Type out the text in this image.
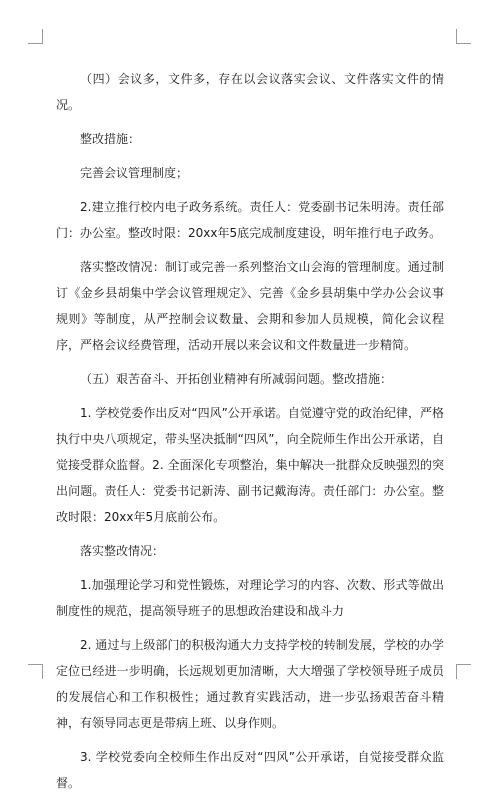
（四）会议多，文件多，存在以会议落实会议、文件落实文件的情况。

整改措施：

完善会议管理制度；

2.建立推行校内电子政务系统。责任人：党委副书记朱明涛。责任部门：办公室。整改时限：20xx年5底完成制度建设，明年推行电子政务。

落实整改情况：制订或完善一系列整治文山会海的管理制度。通过制订《金乡县胡集中学会议管理规定》、完善《金乡县胡集中学办公会议事规则》等制度，从严控制会议数量、会期和参加人员规模，简化会议程序，严格会议经费管理，活动开展以来会议和文件数量进一步精简。

（五）艰苦奋斗、开拓创业精神有所减弱问题。整改措施：

1. 学校党委作出反对“四风”公开承诺。自觉遵守党的政治纪律，严格执行中央八项规定，带头坚决抵制“四风”，向全院师生作出公开承诺，自觉接受群众监督。2. 全面深化专项整治，集中解决一批群众反映强烈的突出问题。责任人：党委书记新涛、副书记戴海涛。责任部门：办公室。整改时限：20xx年5月底前公布。

落实整改情况：

1.加强理论学习和党性锻炼，对理论学习的内容、次数、形式等做出制度性的规范，提高领导班子的思想政治建设和战斗力

2. 通过与上级部门的积极沟通大力支持学校的转制发展，学校的办学定位已经进一步明确，长远规划更加清晰，大大增强了学校领导班子成员的发展信心和工作积极性；通过教育实践活动，进一步弘扬艰苦奋斗精神，有领导同志更是带病上班、以身作则。

3. 学校党委向全校师生作出反对“四风”公开承诺，自觉接受群众监督。
